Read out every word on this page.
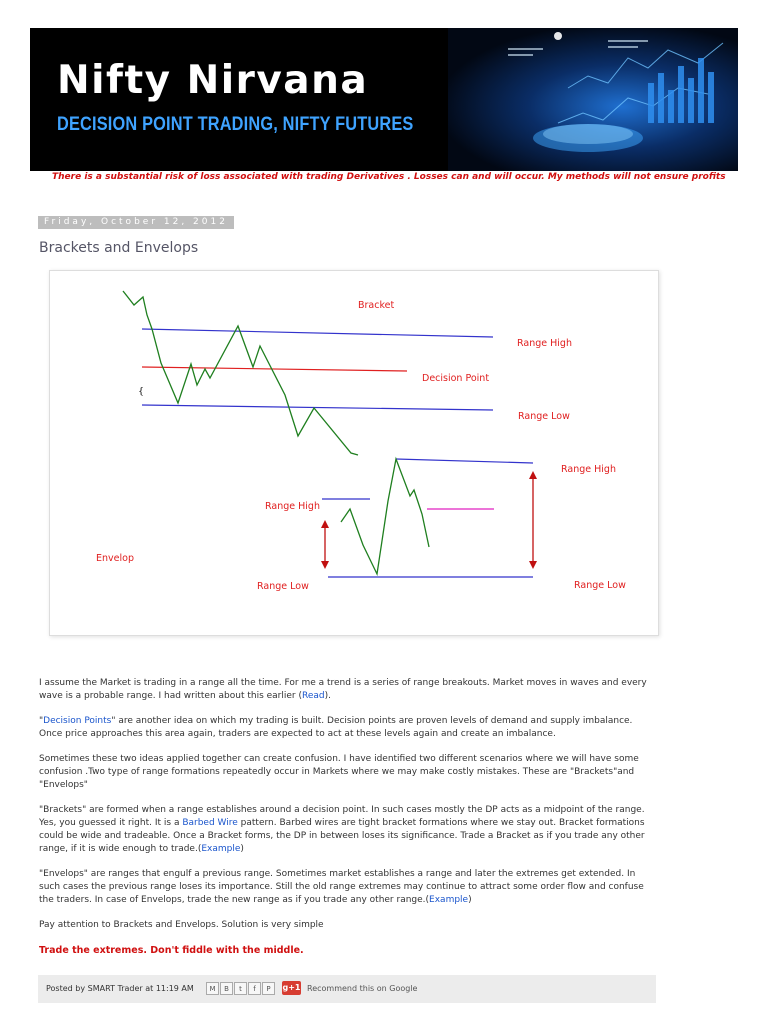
Nifty Nirvana
DECISION POINT TRADING, NIFTY FUTURES
There is a substantial risk of loss associated with trading Derivatives . Losses can and will occur. My methods will not ensure profits
Friday, October 12, 2012
Brackets and Envelops
{
Bracket
Range High
Decision Point
Range Low
Range High
Range High
Envelop
Range Low	Range Low

I assume the Market is trading in a range all the time. For me a trend is a series of range breakouts. Market moves in waves and every wave is a probable range. I had written about this earlier (Read).

"Decision Points" are another idea on which my trading is built. Decision points are proven levels of demand and supply imbalance. Once price approaches this area again, traders are expected to act at these levels again and create an imbalance.

Sometimes these two ideas applied together can create confusion. I have identified two different scenarios where we will have some confusion .Two type of range formations repeatedly occur in Markets where we may make costly mistakes. These are "Brackets"and "Envelops"

"Brackets" are formed when a range establishes around a decision point. In such cases mostly the DP acts as a midpoint of the range. Yes, you guessed it right. It is a Barbed Wire pattern. Barbed wires are tight bracket formations where we stay out. Bracket formations could be wide and tradeable. Once a Bracket forms, the DP in between loses its significance. Trade a Bracket as if you trade any other range, if it is wide enough to trade.(Example)

"Envelops" are ranges that engulf a previous range. Sometimes market establishes a range and later the extremes get extended. In such cases the previous range loses its importance. Still the old range extremes may continue to attract some order flow and confuse the traders. In case of Envelops, trade the new range as if you trade any other range.(Example)

Pay attention to Brackets and Envelops. Solution is very simple

Trade the extremes. Don't fiddle with the middle.

Posted by SMART Trader at 11:19 AM	M	B	t	f	P	g+1 Recommend this on Google
